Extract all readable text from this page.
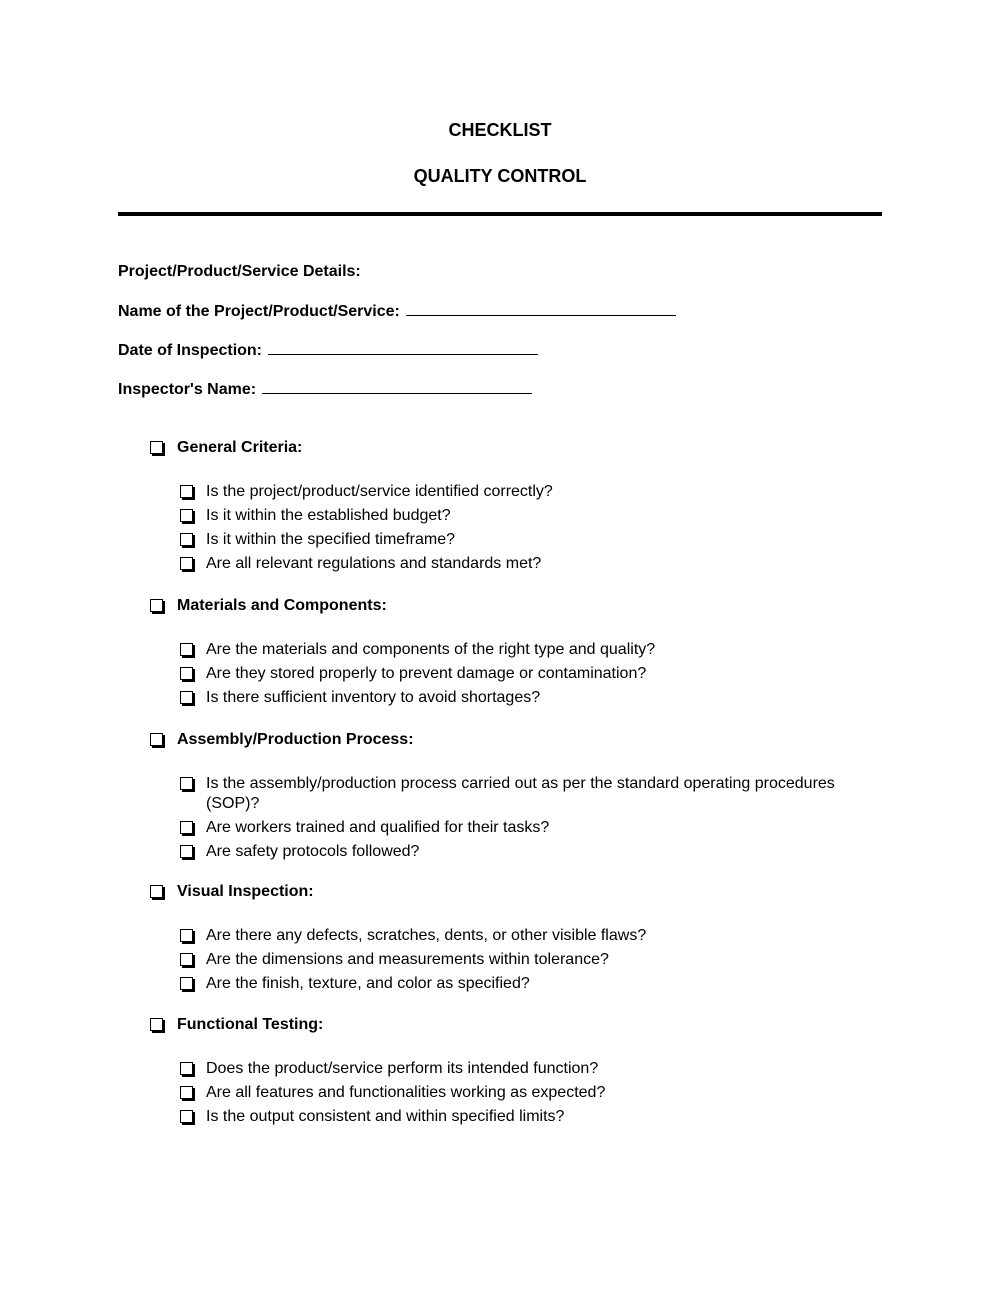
CHECKLIST
QUALITY CONTROL
Project/Product/Service Details:
Name of the Project/Product/Service:
Date of Inspection:
Inspector's Name:
General Criteria:
Is the project/product/service identified correctly?
Is it within the established budget?
Is it within the specified timeframe?
Are all relevant regulations and standards met?
Materials and Components:
Are the materials and components of the right type and quality?
Are they stored properly to prevent damage or contamination?
Is there sufficient inventory to avoid shortages?
Assembly/Production Process:
Is the assembly/production process carried out as per the standard operating procedures (SOP)?
Are workers trained and qualified for their tasks?
Are safety protocols followed?
Visual Inspection:
Are there any defects, scratches, dents, or other visible flaws?
Are the dimensions and measurements within tolerance?
Are the finish, texture, and color as specified?
Functional Testing:
Does the product/service perform its intended function?
Are all features and functionalities working as expected?
Is the output consistent and within specified limits?
